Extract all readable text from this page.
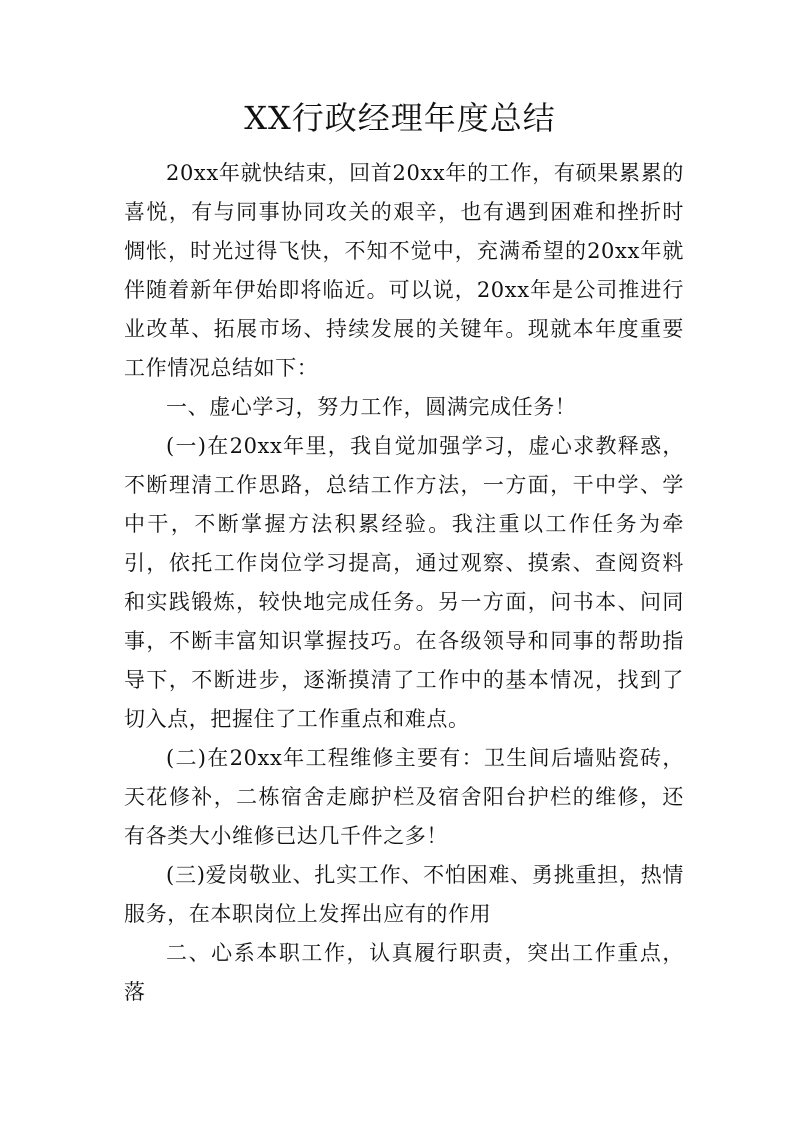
XX行政经理年度总结

20xx年就快结束，回首20xx年的工作，有硕果累累的喜悦，有与同事协同攻关的艰辛，也有遇到困难和挫折时惆怅，时光过得飞快，不知不觉中，充满希望的20xx年就伴随着新年伊始即将临近。可以说，20xx年是公司推进行业改革、拓展市场、持续发展的关键年。现就本年度重要工作情况总结如下：

一、虚心学习，努力工作，圆满完成任务！

(一)在20xx年里，我自觉加强学习，虚心求教释惑，不断理清工作思路，总结工作方法，一方面，干中学、学中干，不断掌握方法积累经验。我注重以工作任务为牵引，依托工作岗位学习提高，通过观察、摸索、查阅资料和实践锻炼，较快地完成任务。另一方面，问书本、问同事，不断丰富知识掌握技巧。在各级领导和同事的帮助指导下，不断进步，逐渐摸清了工作中的基本情况，找到了切入点，把握住了工作重点和难点。

(二)在20xx年工程维修主要有：卫生间后墙贴瓷砖，天花修补，二栋宿舍走廊护栏及宿舍阳台护栏的维修，还有各类大小维修已达几千件之多！

(三)爱岗敬业、扎实工作、不怕困难、勇挑重担，热情服务，在本职岗位上发挥出应有的作用

二、心系本职工作，认真履行职责，突出工作重点，落
